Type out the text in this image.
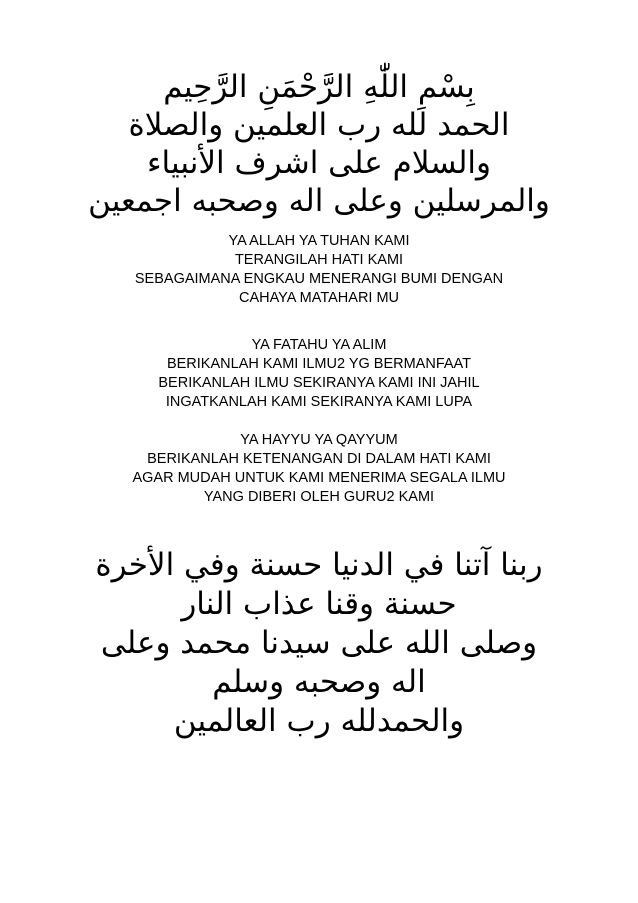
بِسْمِ اللّٰهِ الرَّحْمَنِ الرَّحِيم
الحمد لله رب العلمين والصلاة
والسلام على اشرف الأنبياء
والمرسلين وعلى اله وصحبه اجمعين
YA ALLAH YA TUHAN KAMI
TERANGILAH HATI KAMI
SEBAGAIMANA ENGKAU MENERANGI BUMI DENGAN
CAHAYA MATAHARI MU
YA FATAHU YA ALIM
BERIKANLAH KAMI ILMU2 YG BERMANFAAT
BERIKANLAH ILMU SEKIRANYA KAMI INI JAHIL
INGATKANLAH KAMI SEKIRANYA KAMI LUPA
YA HAYYU YA QAYYUM
BERIKANLAH KETENANGAN DI DALAM HATI KAMI
AGAR MUDAH UNTUK KAMI MENERIMA SEGALA ILMU
YANG DIBERI OLEH GURU2 KAMI
ربنا آتنا في الدنيا حسنة وفي الأخرة
حسنة وقنا عذاب النار
وصلى الله على سيدنا محمد وعلى
اله وصحبه وسلم
والحمدلله رب العالمين
